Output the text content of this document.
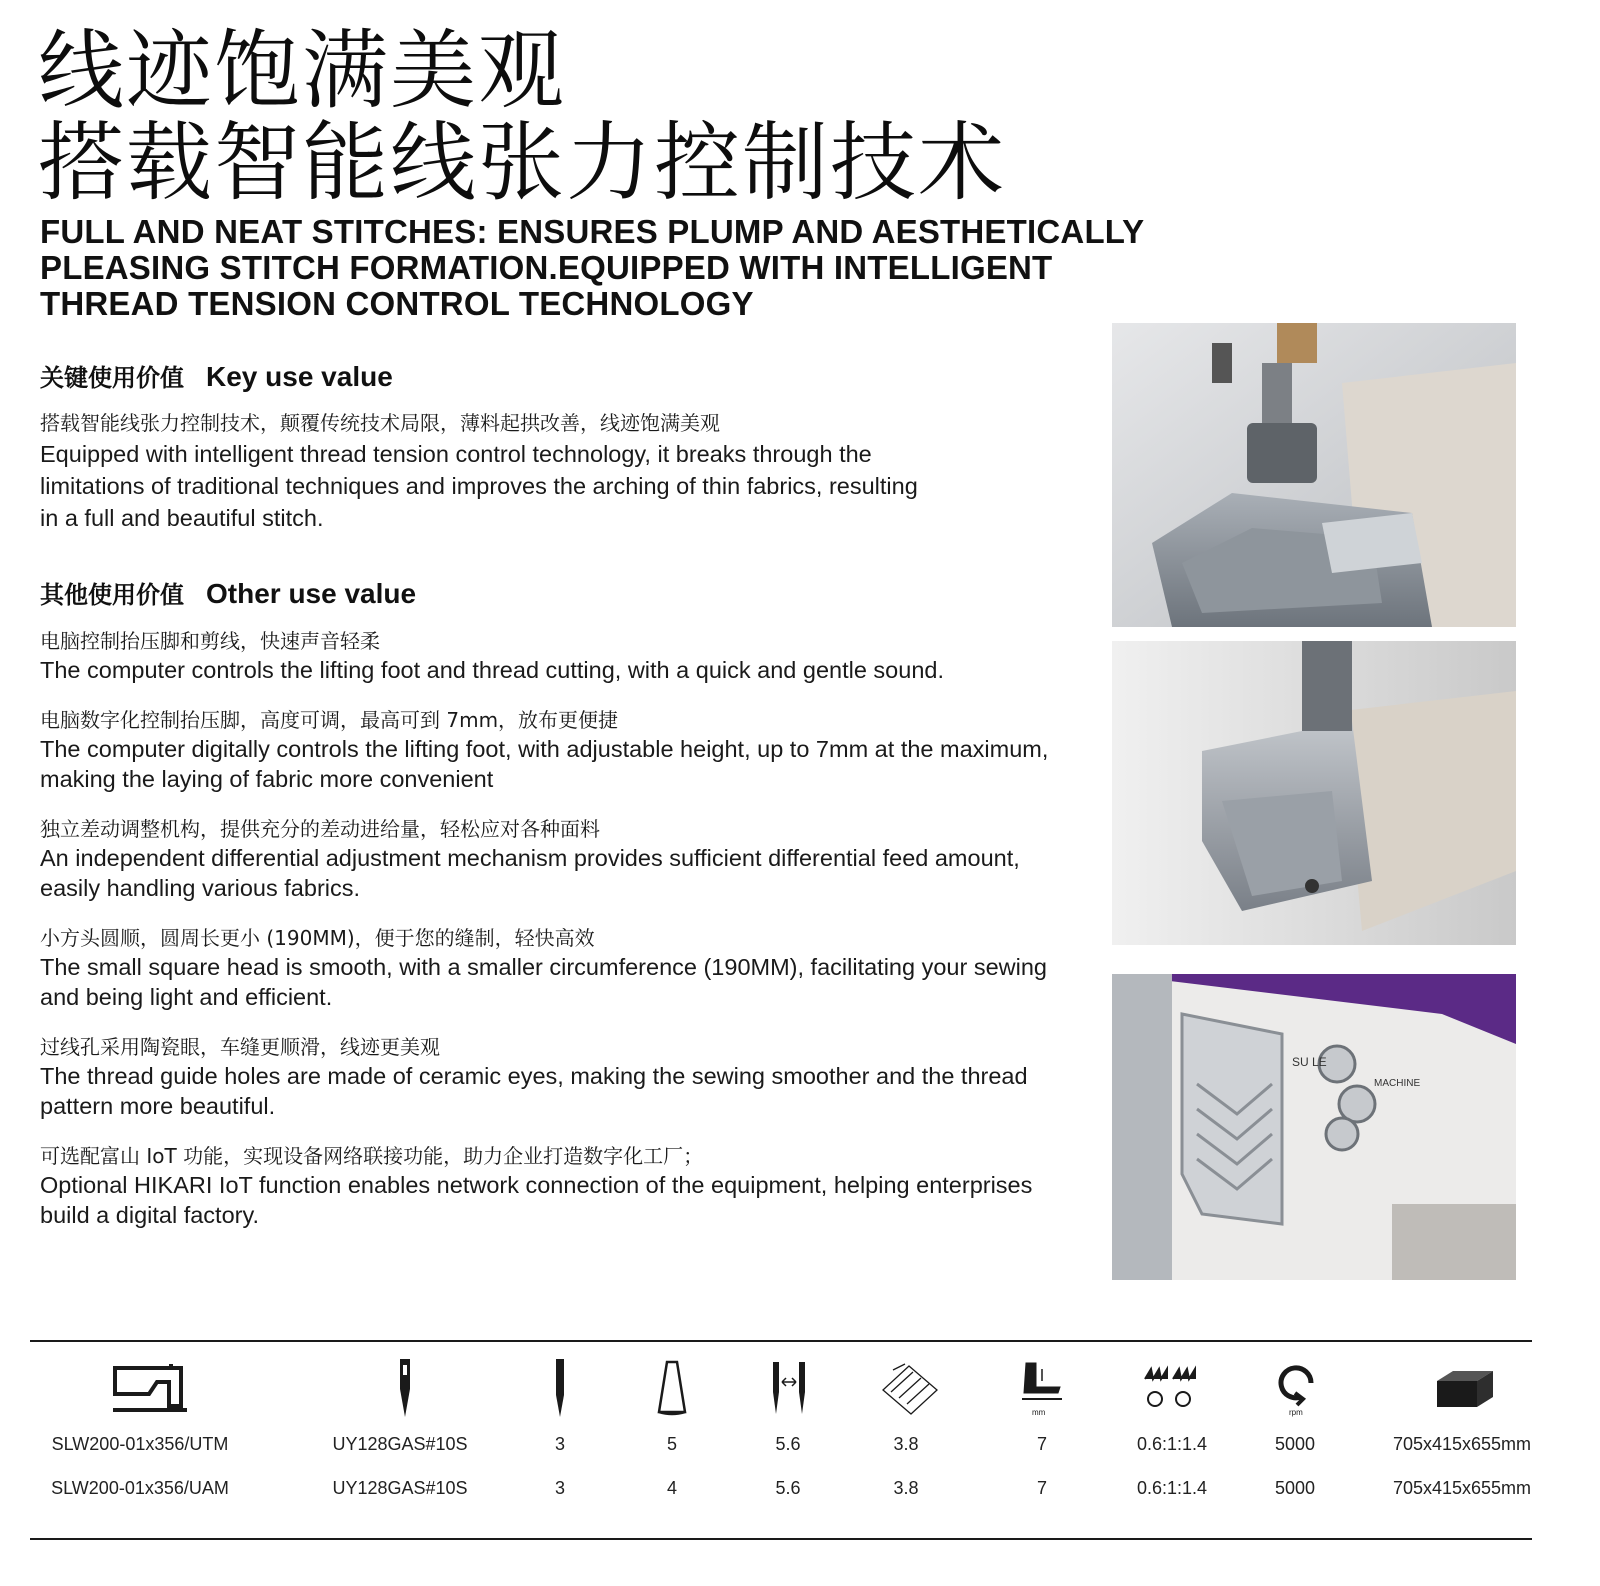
线迹饱满美观
搭载智能线张力控制技术
FULL AND NEAT STITCHES: ENSURES PLUMP AND AESTHETICALLY PLEASING STITCH FORMATION.EQUIPPED WITH INTELLIGENT THREAD TENSION CONTROL TECHNOLOGY
关键使用价值 Key use value
搭载智能线张力控制技术，颠覆传统技术局限，薄料起拱改善，线迹饱满美观
Equipped with intelligent thread tension control technology, it breaks through the limitations of traditional techniques and improves the arching of thin fabrics, resulting in a full and beautiful stitch.
其他使用价值 Other use value
电脑控制抬压脚和剪线，快速声音轻柔
The computer controls the lifting foot and thread cutting, with a quick and gentle sound.
电脑数字化控制抬压脚，高度可调，最高可到 7mm，放布更便捷
The computer digitally controls the lifting foot, with adjustable height, up to 7mm at the maximum, making the laying of fabric more convenient
独立差动调整机构，提供充分的差动进给量，轻松应对各种面料
An independent differential adjustment mechanism provides sufficient differential feed amount, easily handling various fabrics.
小方头圆顺，圆周长更小 (190MM)，便于您的缝制，轻快高效
The small square head is smooth, with a smaller circumference (190MM), facilitating your sewing and being light and efficient.
过线孔采用陶瓷眼，车缝更顺滑，线迹更美观
The thread guide holes are made of ceramic eyes, making the sewing smoother and the thread pattern more beautiful.
可选配富山 IoT 功能，实现设备网络联接功能，助力企业打造数字化工厂；
Optional HIKARI IoT function enables network connection of the equipment, helping enterprises build a digital factory.
SU LE
MACHINE
mm	rpm
SLW200-01x356/UTM	UY128GAS#10S	3	5	5.6	3.8	7	0.6:1:1.4	5000	705x415x655mm
SLW200-01x356/UAM	UY128GAS#10S	3	4	5.6	3.8	7	0.6:1:1.4	5000	705x415x655mm
